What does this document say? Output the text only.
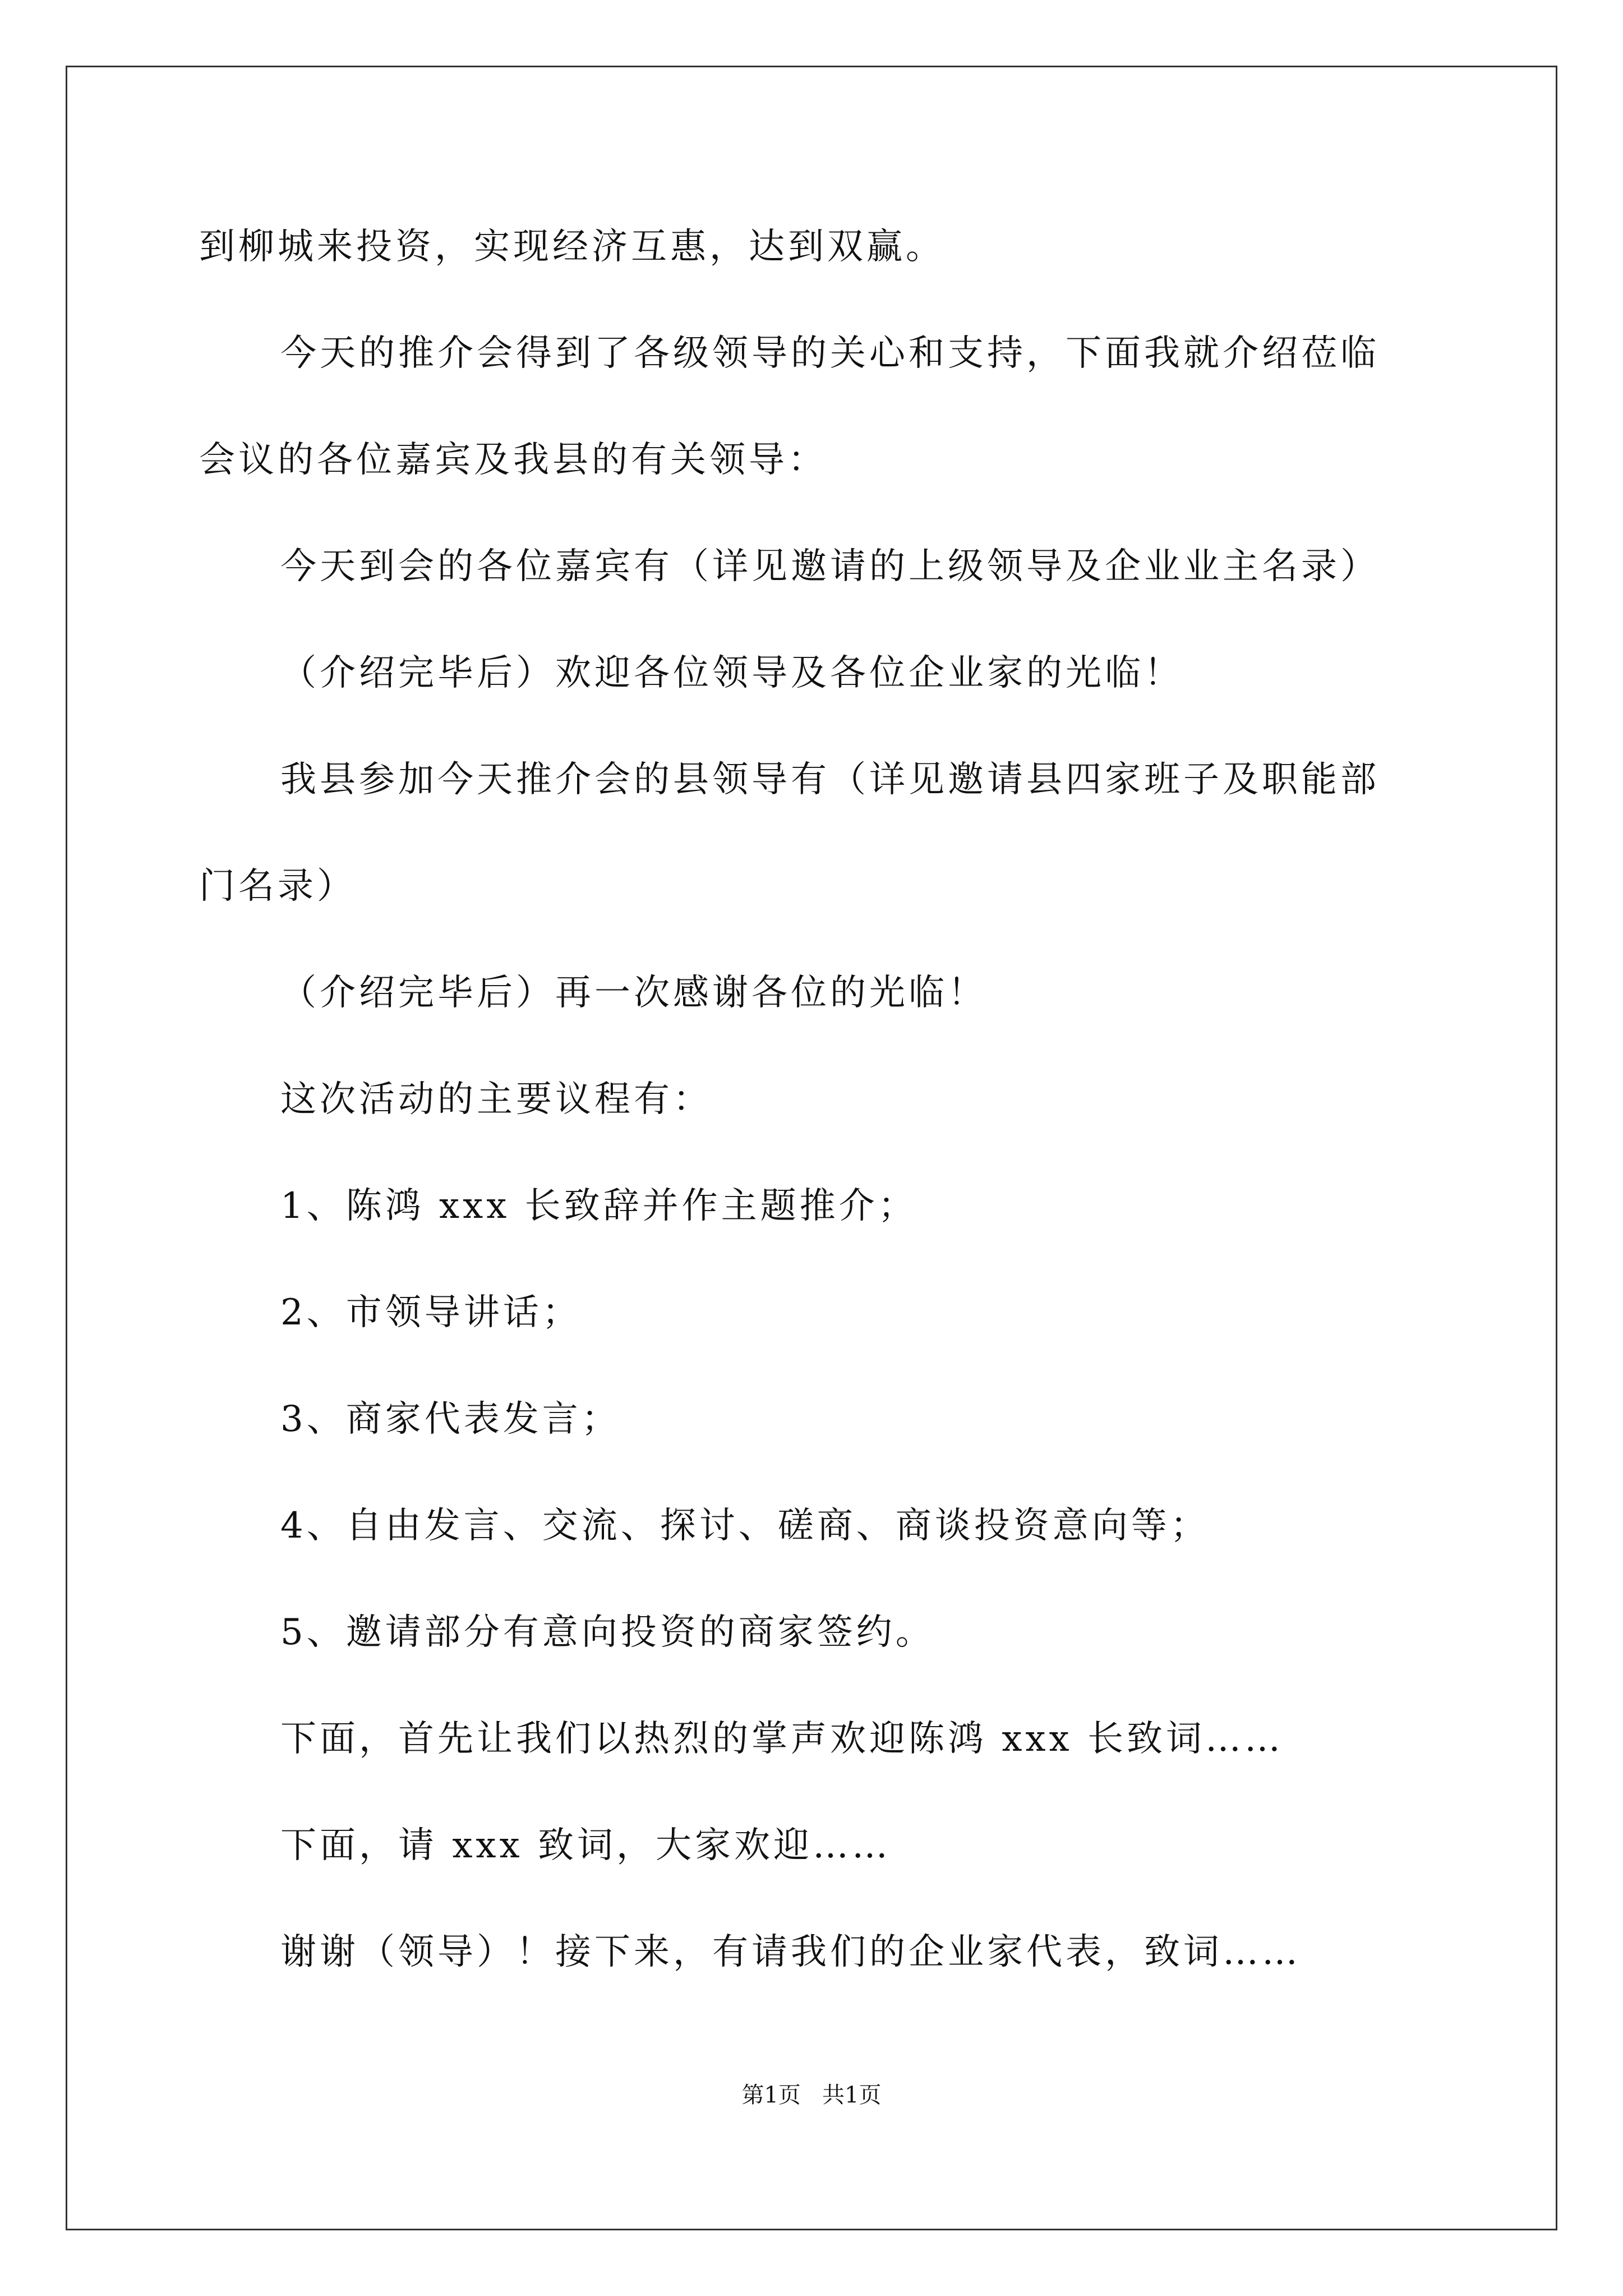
到柳城来投资，实现经济互惠，达到双赢。
今天的推介会得到了各级领导的关心和支持，下面我就介绍莅临
会议的各位嘉宾及我县的有关领导：
今天到会的各位嘉宾有（详见邀请的上级领导及企业业主名录）
（介绍完毕后）欢迎各位领导及各位企业家的光临！
我县参加今天推介会的县领导有（详见邀请县四家班子及职能部
门名录）
（介绍完毕后）再一次感谢各位的光临！
这次活动的主要议程有：
1、陈鸿 xxx 长致辞并作主题推介；
2、市领导讲话；
3、商家代表发言；
4、自由发言、交流、探讨、磋商、商谈投资意向等；
5、邀请部分有意向投资的商家签约。
下面，首先让我们以热烈的掌声欢迎陈鸿 xxx 长致词……
下面，请 xxx 致词，大家欢迎……
谢谢（领导）！接下来，有请我们的企业家代表，致词……
第1页   共1页
